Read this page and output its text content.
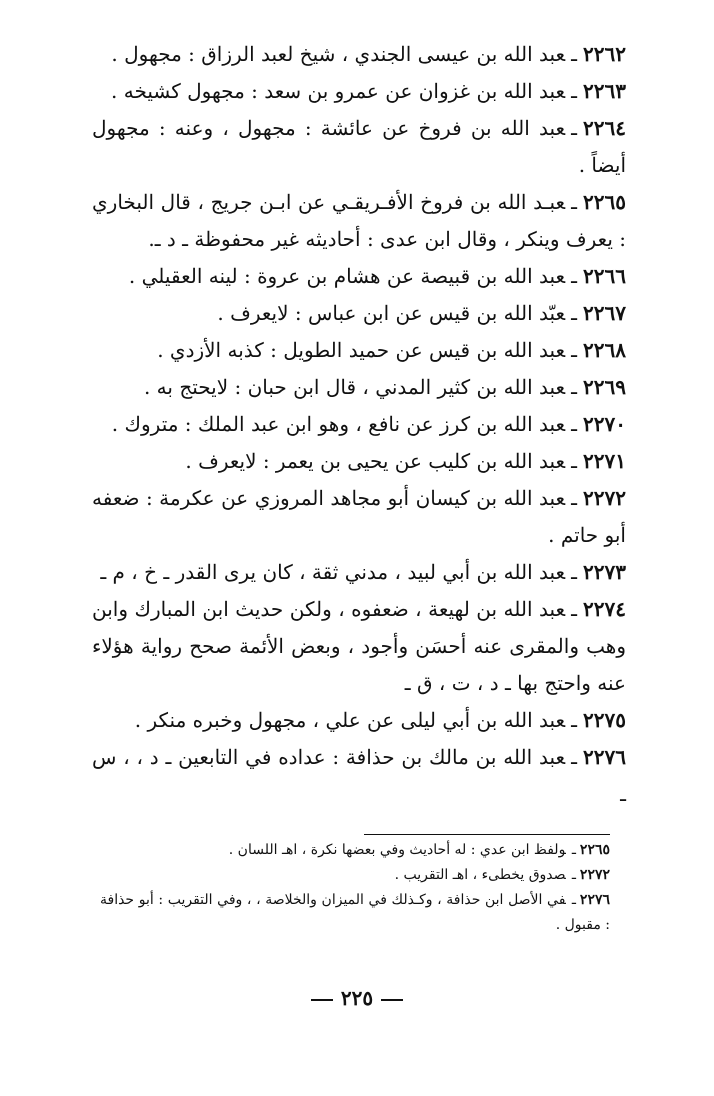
٢٢٦٢ـعبد الله بن عيسى الجندي ، شيخ لعبد الرزاق : مجهول .
٢٢٦٣ـعبد الله بن غزوان عن عمرو بن سعد : مجهول كشيخه .
٢٢٦٤ـعبد الله بن فروخ عن عائشة : مجهول ، وعنه : مجهول أيضاً .
٢٢٦٥ـعبـد الله بن فروخ الأفـريقـي عن ابـن جريج ، قال البخاري : يعرف وينكر ، وقال ابن عدى : أحاديثه غير محفوظة ـ د ـ.
٢٢٦٦ـعبد الله بن قبيصة عن هشام بن عروة : لينه العقيلي .
٢٢٦٧ـعبّد الله بن قيس عن ابن عباس : لايعرف .
٢٢٦٨ـعبد الله بن قيس عن حميد الطويل : كذبه الأزدي .
٢٢٦٩ـعبد الله بن كثير المدني ، قال ابن حبان : لايحتج به .
٢٢٧٠ـعبد الله بن كرز عن نافع ، وهو ابن عبد الملك : متروك .
٢٢٧١ـعبد الله بن كليب عن يحيى بن يعمر : لايعرف .
٢٢٧٢ـعبد الله بن كيسان أبو مجاهد المروزي عن عكرمة : ضعفه أبو حاتم .
٢٢٧٣ـعبد الله بن أبي لبيد ، مدني ثقة ، كان يرى القدر ـ خ ، م ـ
٢٢٧٤ـعبد الله بن لهيعة ، ضعفوه ، ولكن حديث ابن المبارك وابن وهب والمقرى عنه أحسَن وأجود ، وبعض الأئمة صحح رواية هؤلاء عنه واحتج بها ـ د ، ت ، ق ـ
٢٢٧٥ـعبد الله بن أبي ليلى عن علي ، مجهول وخبره منكر .
٢٢٧٦ـعبد الله بن مالك بن حذافة : عداده في التابعين ـ د ، ، س ـ
٢٢٦٥ـولفظ ابن عدي : له أحاديث وفي بعضها نكرة ، اهـ اللسان .
٢٢٧٢ـصدوق يخطىء ، اهـ التقريب .
٢٢٧٦ـفي الأصل ابن حذافة ، وكـذلك في الميزان والخلاصة ، ، وفي التقريب : أبو حذافة : مقبول .
٢٢٥
